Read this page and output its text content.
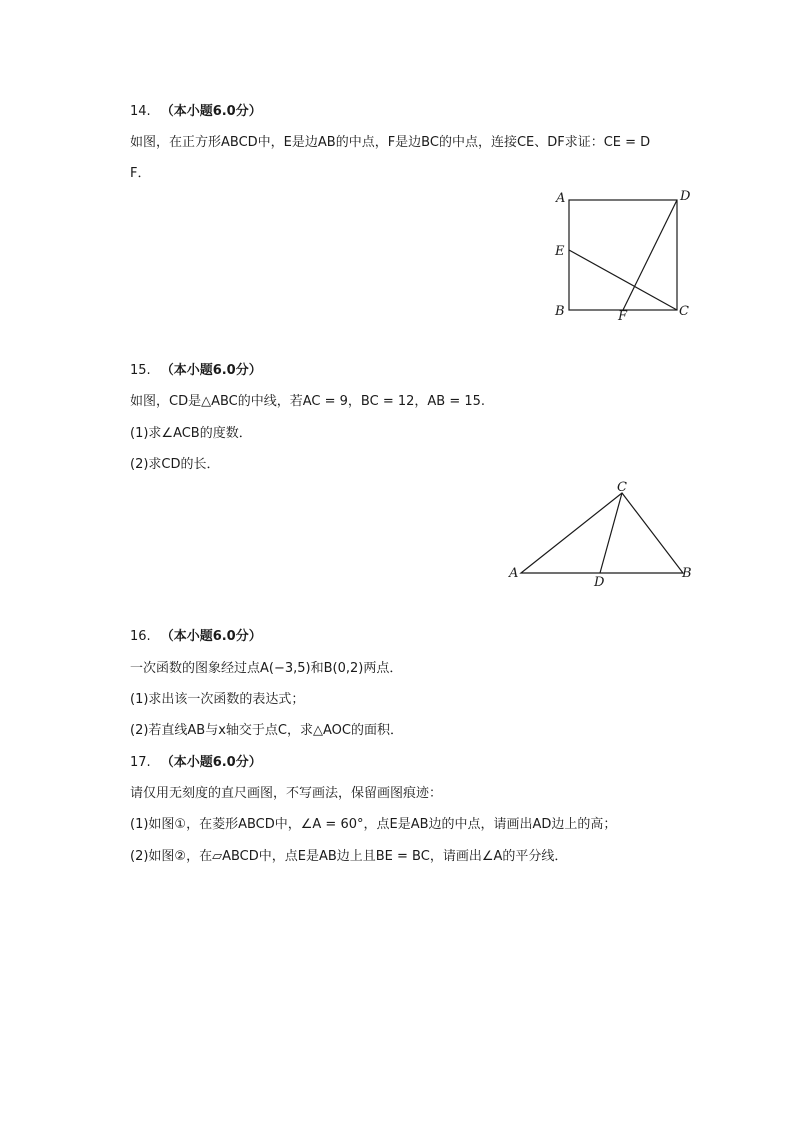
14. （本小题6.0分）
如图，在正方形ABCD中，E是边AB的中点，F是边BC的中点，连接CE、DF求证：CE = D
F．
A	D
E
B	F	C
15. （本小题6.0分）
如图，CD是△ABC的中线，若AC = 9，BC = 12，AB = 15.
(1)求∠ACB的度数．
(2)求CD的长．
C
A
D
B
16. （本小题6.0分）
一次函数的图象经过点A(−3,5)和B(0,2)两点．
(1)求出该一次函数的表达式；
(2)若直线AB与x轴交于点C，求△AOC的面积．
17. （本小题6.0分）
请仅用无刻度的直尺画图，不写画法，保留画图痕迹：
(1)如图①，在菱形ABCD中，∠A = 60°，点E是AB边的中点，请画出AD边上的高；
(2)如图②，在▱ABCD中，点E是AB边上且BE = BC，请画出∠A的平分线．
